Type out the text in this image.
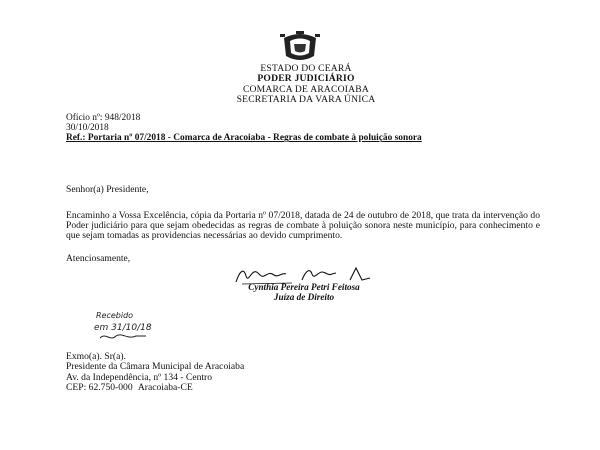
ESTADO DO CEARÁ
PODER JUDICIÁRIO
COMARCA DE ARACOIABA
SECRETARIA DA VARA ÚNICA
Ofício nº: 948/2018
30/10/2018
Ref.: Portaria nº 07/2018 - Comarca de Aracoiaba - Regras de combate à poluição sonora
Senhor(a) Presidente,
Encaminho a Vossa Excelência, cópia da Portaria nº 07/2018, datada de 24 de outubro de 2018, que trata da intervenção do Poder judiciário para que sejam obedecidas as regras de combate à poluição sonora neste município, para conhecimento e que sejam tomadas as providencias necessárias ao devido cumprimento.
Atenciosamente,
Cynthia Pereira Petri Feitosa
Juíza de Direito
Recebido
em 31/10/18
Exmo(a). Sr(a).
Presidente da Câmara Municipal de Aracoiaba
Av. da Independência, nº 134 - Centro
CEP: 62.750-000 Aracoiaba-CE
